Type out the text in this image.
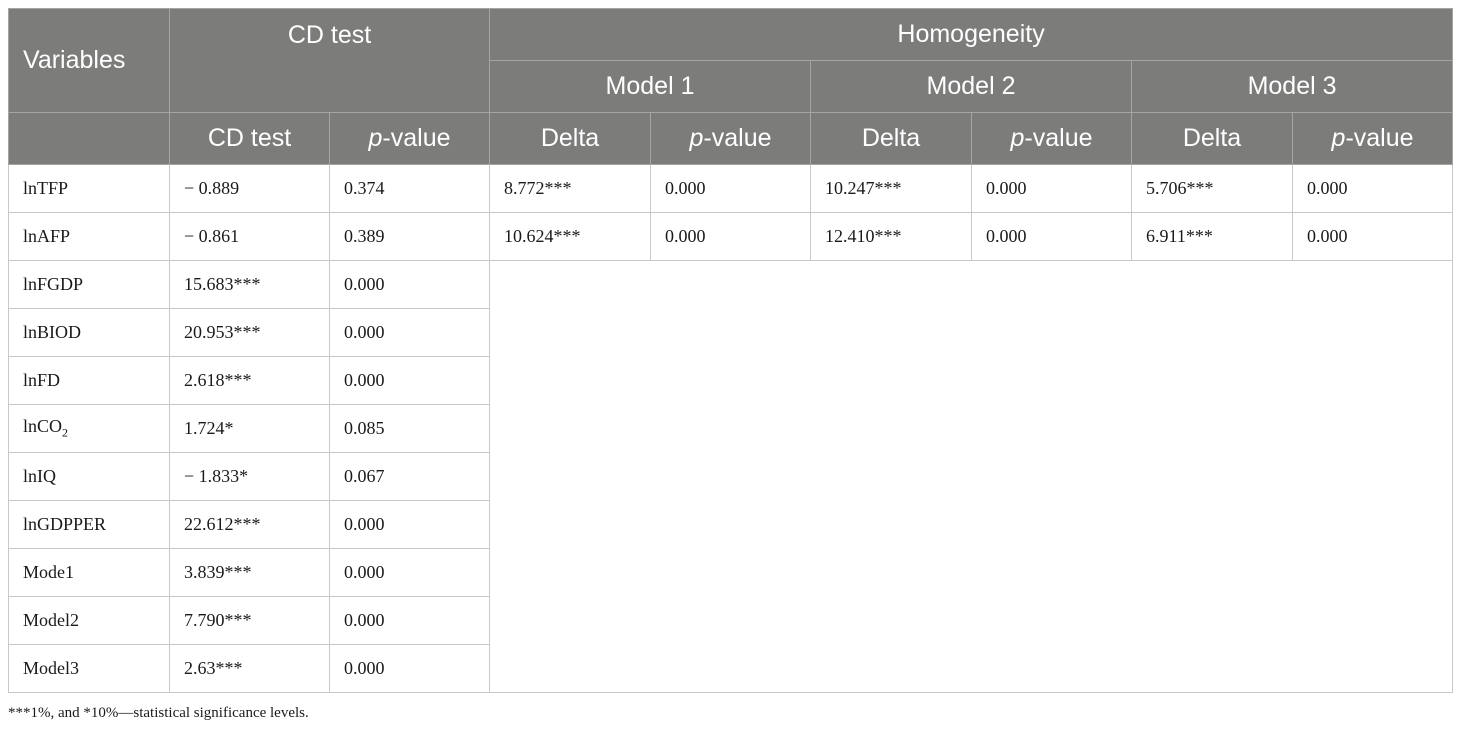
Variables	CD test		Homogeneity					
			Model 1		Model 2		Model 3	
	CD test	p-value	Delta	p-value	Delta	p-value	Delta	p-value
lnTFP	− 0.889	0.374	8.772***	0.000	10.247***	0.000	5.706***	0.000
lnAFP	− 0.861	0.389	10.624***	0.000	12.410***	0.000	6.911***	0.000
lnFGDP	15.683***	0.000						
lnBIOD	20.953***	0.000						
lnFD	2.618***	0.000						
lnCO$_2$	1.724*	0.085						
lnIQ	− 1.833*	0.067						
lnGDPPER	22.612***	0.000						
Mode1	3.839***	0.000						
Model2	7.790***	0.000						
Model3	2.63***	0.000						

***1%, and *10%—statistical significance levels.
